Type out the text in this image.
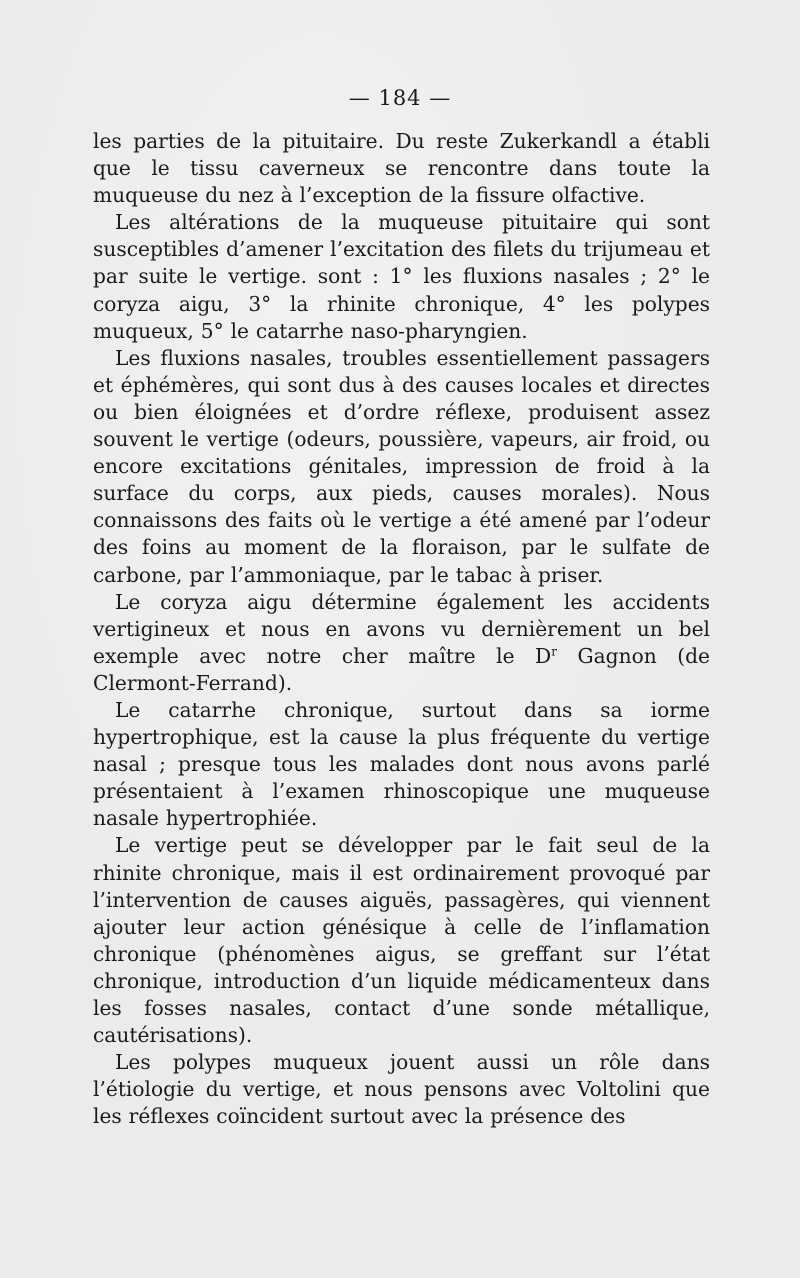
— 184 —

les parties de la pituitaire. Du reste Zukerkandl a établi que le tissu caverneux se rencontre dans toute la muqueuse du nez à l’exception de la fissure olfactive.

Les altérations de la muqueuse pituitaire qui sont susceptibles d’amener l’excitation des filets du trijumeau et par suite le vertige. sont : 1° les fluxions nasales ; 2° le coryza aigu, 3° la rhinite chronique, 4° les polypes muqueux, 5° le catarrhe naso-pharyngien.

Les fluxions nasales, troubles essentiellement passagers et éphémères, qui sont dus à des causes locales et directes ou bien éloignées et d’ordre réflexe, produisent assez souvent le vertige (odeurs, poussière, vapeurs, air froid, ou encore excitations génitales, impression de froid à la surface du corps, aux pieds, causes morales). Nous connaissons des faits où le vertige a été amené par l’odeur des foins au moment de la floraison, par le sulfate de carbone, par l’ammoniaque, par le tabac à priser.

Le coryza aigu détermine également les accidents vertigineux et nous en avons vu dernièrement un bel exemple avec notre cher maître le $D^r$ Gagnon (de Clermont-Ferrand).

Le catarrhe chronique, surtout dans sa iorme hypertrophique, est la cause la plus fréquente du vertige nasal ; presque tous les malades dont nous avons parlé présentaient à l’examen rhinoscopique une muqueuse nasale hypertrophiée.

Le vertige peut se développer par le fait seul de la rhinite chronique, mais il est ordinairement provoqué par l’intervention de causes aiguës, passagères, qui viennent ajouter leur action génésique à celle de l’inflamation chronique (phénomènes aigus, se greffant sur l’état chronique, introduction d’un liquide médicamenteux dans les fosses nasales, contact d’une sonde métallique, cautérisations).

Les polypes muqueux jouent aussi un rôle dans l’étiologie du vertige, et nous pensons avec Voltolini que les réflexes coïncident surtout avec la présence des
